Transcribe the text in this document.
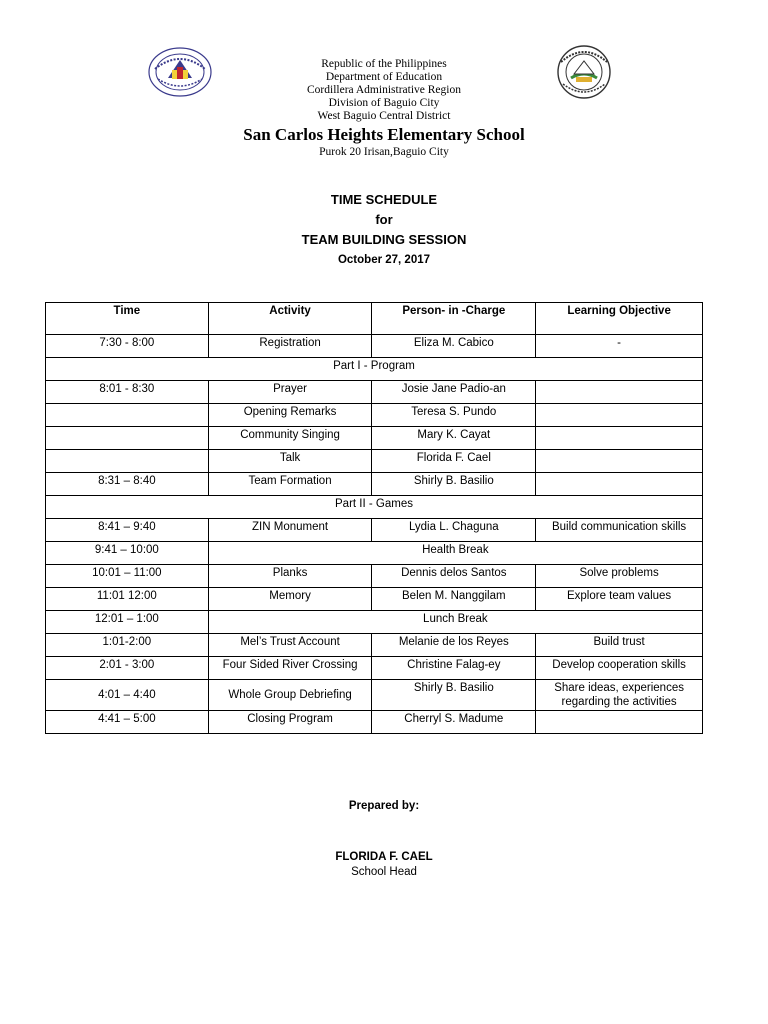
Republic of the Philippines
Department of Education
Cordillera Administrative Region
Division of Baguio City
West Baguio Central District
San Carlos Heights Elementary School
Purok 20 Irisan,Baguio City
TIME SCHEDULE
for
TEAM BUILDING SESSION
October 27, 2017
Time	Activity	Person- in -Charge	Learning Objective
7:30 - 8:00	Registration	Eliza M. Cabico	-
Part I - Program			
8:01 - 8:30	Prayer	Josie Jane Padio-an	
	Opening Remarks	Teresa S. Pundo	
	Community Singing	Mary K. Cayat	
	Talk	Florida F. Cael	
8:31 – 8:40	Team Formation	Shirly B. Basilio	
Part II - Games			
8:41 – 9:40	ZIN Monument	Lydia L. Chaguna	Build communication skills
9:41 – 10:00	Health Break		
10:01 – 11:00	Planks	Dennis delos Santos	Solve problems
11:01 12:00	Memory	Belen M. Nanggilam	Explore team values
12:01 – 1:00	Lunch Break		
1:01-2:00	Mel’s Trust Account	Melanie de los Reyes	Build trust
2:01 - 3:00	Four Sided River Crossing	Christine Falag-ey	Develop cooperation skills
4:01 – 4:40	Whole Group Debriefing	Shirly B. Basilio	Share ideas, experiences regarding the activities
4:41 – 5:00	Closing Program	Cherryl S. Madume	
Prepared by:
FLORIDA F. CAEL
School Head
